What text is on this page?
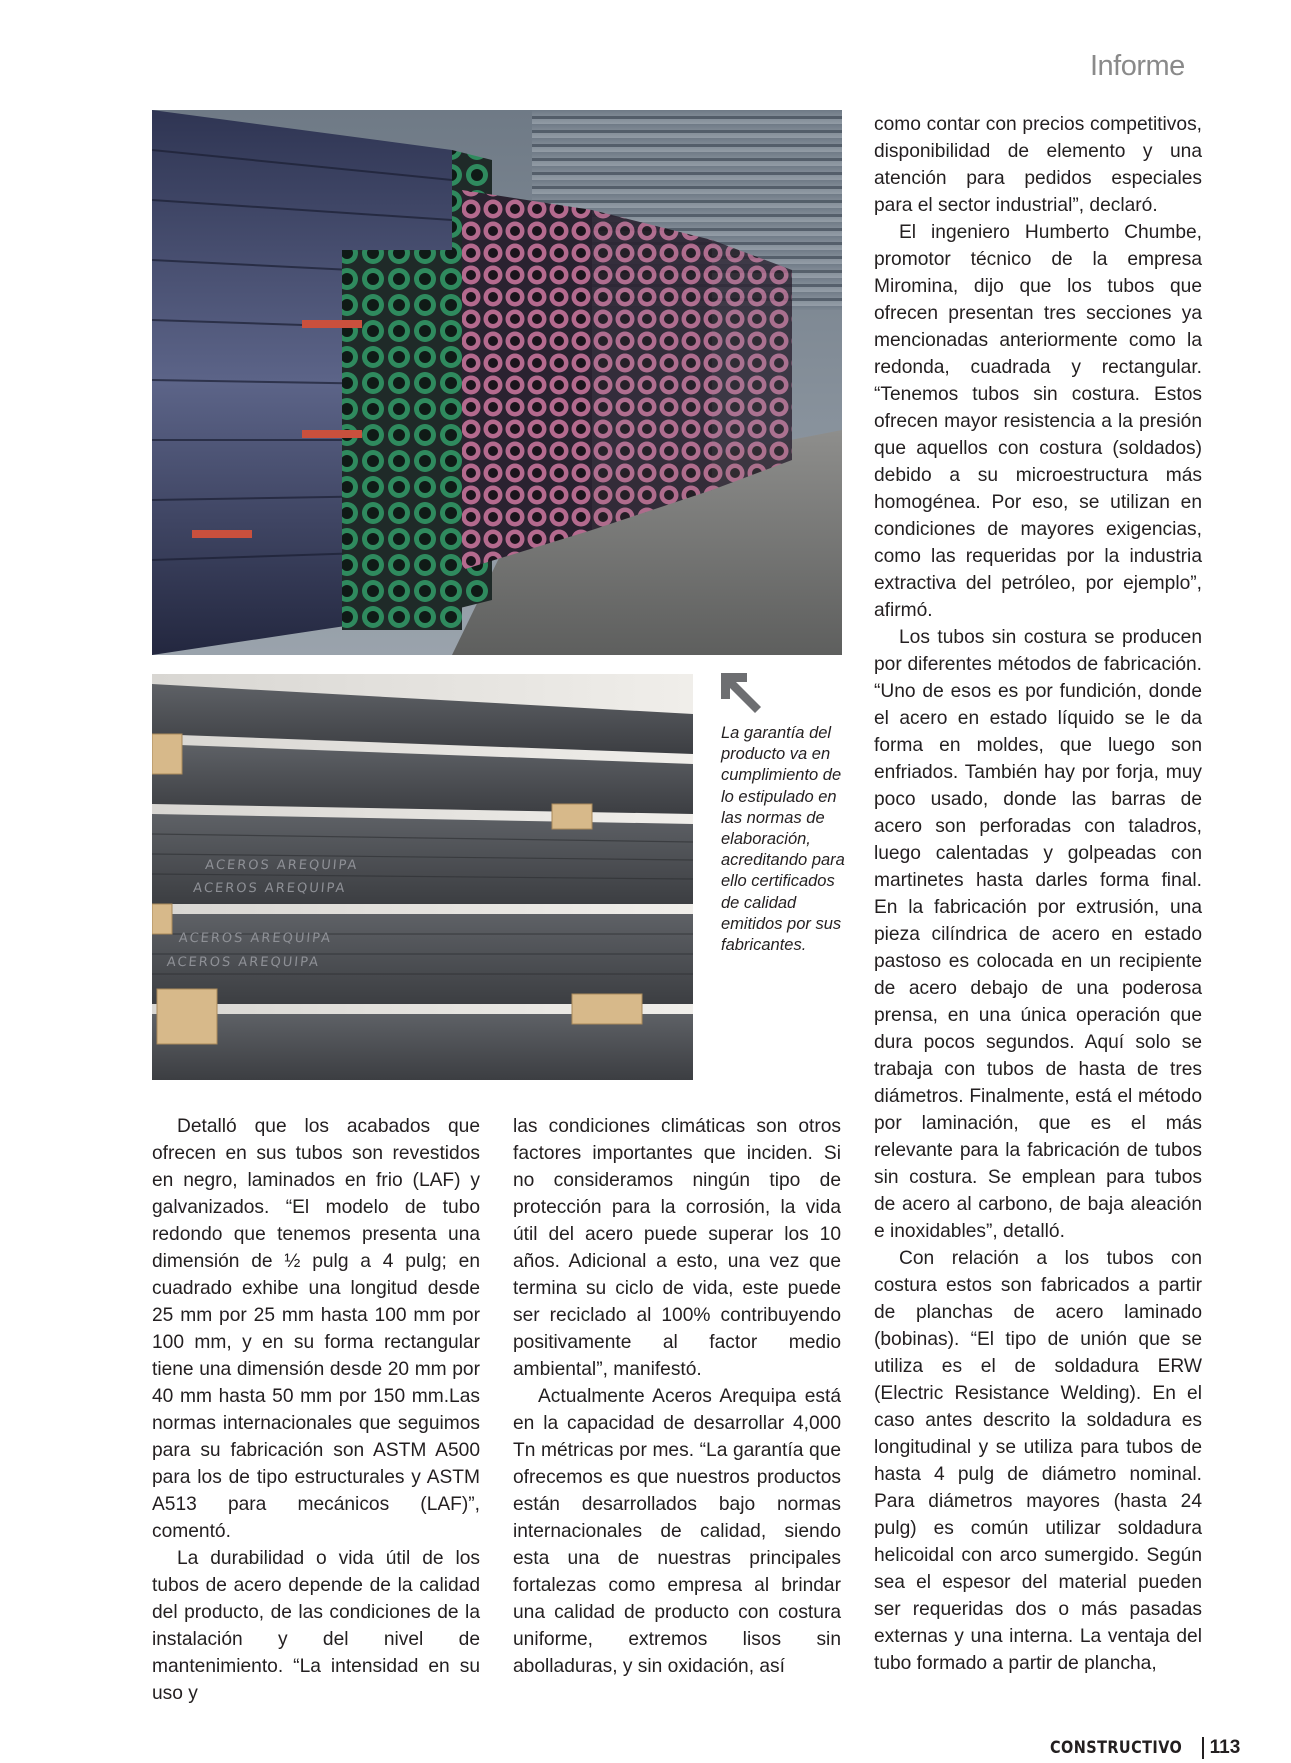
Informe
ACEROS AREQUIPA
ACEROS AREQUIPA
ACEROS AREQUIPA
ACEROS AREQUIPA
La garantía del producto va en cumplimiento de lo estipulado en las normas de elaboración, acreditando para ello certificados de calidad emitidos por sus fabricantes.

Detalló que los acabados que ofrecen en sus tubos son revestidos en negro, laminados en frio (LAF) y galvanizados. “El modelo de tubo redondo que tenemos presenta una dimensión de ½ pulg a 4 pulg; en cuadrado exhibe una longitud desde 25 mm por 25 mm hasta 100 mm por 100 mm, y en su forma rectangular tiene una dimensión desde 20 mm por 40 mm hasta 50 mm por 150 mm.Las normas internacionales que seguimos para su fabricación son ASTM A500 para los de tipo estructurales y ASTM A513 para mecánicos (LAF)”, comentó.

La durabilidad o vida útil de los tubos de acero depende de la calidad del producto, de las condiciones de la instalación y del nivel de mantenimiento. “La intensidad en su uso y

las condiciones climáticas son otros factores importantes que inciden. Si no consideramos ningún tipo de protección para la corrosión, la vida útil del acero puede superar los 10 años. Adicional a esto, una vez que termina su ciclo de vida, este puede ser reciclado al 100% contribuyendo positivamente al factor medio ambiental”, manifestó.

Actualmente Aceros Arequipa está en la capacidad de desarrollar 4,000 Tn métricas por mes. “La garantía que ofrecemos es que nuestros productos están desarrollados bajo normas internacionales de calidad, siendo esta una de nuestras principales fortalezas como empresa al brindar una calidad de producto con costura uniforme, extremos lisos sin abolladuras, y sin oxidación, así

como contar con precios competitivos, disponibilidad de elemento y una atención para pedidos especiales para el sector industrial”, declaró.

El ingeniero Humberto Chumbe, promotor técnico de la empresa Miromina, dijo que los tubos que ofrecen presentan tres secciones ya mencionadas anteriormente como la redonda, cuadrada y rectangular. “Tenemos tubos sin costura. Estos ofrecen mayor resistencia a la presión que aquellos con costura (soldados) debido a su microestructura más homogénea. Por eso, se utilizan en condiciones de mayores exigencias, como las requeridas por la industria extractiva del petróleo, por ejemplo”, afirmó.

Los tubos sin costura se producen por diferentes métodos de fabricación. “Uno de esos es por fundición, donde el acero en estado líquido se le da forma en moldes, que luego son enfriados. También hay por forja, muy poco usado, donde las barras de acero son perforadas con taladros, luego calentadas y golpeadas con martinetes hasta darles forma final. En la fabricación por extrusión, una pieza cilíndrica de acero en estado pastoso es colocada en un recipiente de acero debajo de una poderosa prensa, en una única operación que dura pocos segundos. Aquí solo se trabaja con tubos de hasta de tres diámetros. Finalmente, está el método por laminación, que es el más relevante para la fabricación de tubos sin costura. Se emplean para tubos de acero al carbono, de baja aleación e inoxidables”, detalló.

Con relación a los tubos con costura estos son fabricados a partir de planchas de acero laminado (bobinas). “El tipo de unión que se utiliza es el de soldadura ERW (Electric Resistance Welding). En el caso antes descrito la soldadura es longitudinal y se utiliza para tubos de hasta 4 pulg de diámetro nominal. Para diámetros mayores (hasta 24 pulg) es común utilizar soldadura helicoidal con arco sumergido. Según sea el espesor del material pueden ser requeridas dos o más pasadas externas y una interna. La ventaja del tubo formado a partir de plancha,

CONSTRUCTIVO 113
